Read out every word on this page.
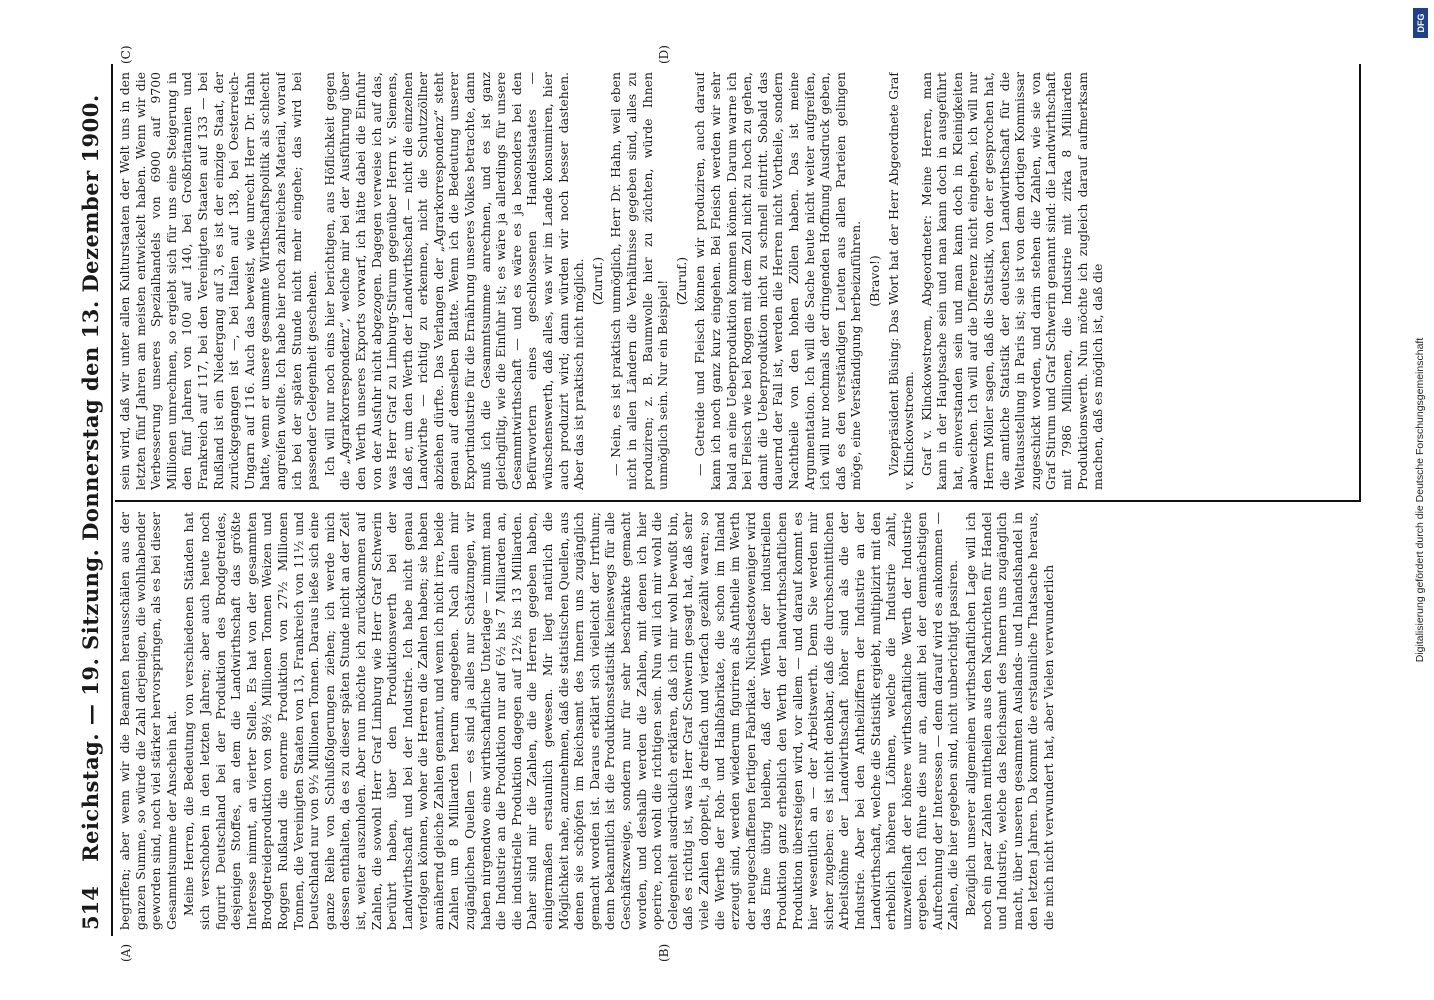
514
Reichstag. — 19. Sitzung. Donnerstag den 13. Dezember 1900.
(A)	(B)
(C)	(D)

begriffen; aber wenn wir die Beamten herausschälen aus der ganzen Summe, so würde die Zahl derjenigen, die wohlhabender geworden sind, noch viel stärker hervorspringen, als es bei dieser Gesammtsumme der Anschein hat. Meine Herren, die Bedeutung von verschiedenen Ständen hat sich verschoben in den letzten Jahren; aber auch heute noch figurirt Deutschland bei der Produktion des Brodgetreides, desjenigen Stoffes, an dem die Landwirthschaft das größte Interesse nimmt, an vierter Stelle. Es hat von der gesammten Brodgetreideproduktion von 98½ Millionen Tonnen Weizen und Roggen Rußland die enorme Produktion von 27½ Millionen Tonnen, die Vereinigten Staaten von 13, Frankreich von 11½ und Deutschland nur von 9½ Millionen Tonnen. Daraus ließe sich eine ganze Reihe von Schlußfolgerungen ziehen; ich werde mich dessen enthalten, da es zu dieser späten Stunde nicht an der Zeit ist, weiter auszuholen. Aber nun möchte ich zurückkommen auf Zahlen, die sowohl Herr Graf Limburg wie Herr Graf Schwerin berührt haben, über den Produktionswerth bei der Landwirthschaft und bei der Industrie. Ich habe nicht genau verfolgen können, woher die Herren die Zahlen haben; sie haben annähernd gleiche Zahlen genannt, und wenn ich nicht irre, beide Zahlen um 8 Milliarden herum angegeben. Nach allen mir zugänglichen Quellen — es sind ja alles nur Schätzungen, wir haben nirgendwo eine wirthschaftliche Unterlage — nimmt man die Industrie an die Produktion nur auf 6½ bis 7 Milliarden an, die industrielle Produktion dagegen auf 12½ bis 13 Milliarden. Daher sind mir die Zahlen, die die Herren gegeben haben, einigermaßen erstaunlich gewesen. Mir liegt natürlich die Möglichkeit nahe, anzunehmen, daß die statistischen Quellen, aus denen sie schöpfen im Reichsamt des Innern uns zugänglich gemacht worden ist. Daraus erklärt sich vielleicht der Irrthum; denn bekanntlich ist die Produktionsstatistik keineswegs für alle Geschäftszweige, sondern nur für sehr beschränkte gemacht worden, und deshalb werden die Zahlen, mit denen ich hier operire, noch wohl die richtigen sein. Nun will ich mir wohl die Gelegenheit ausdrücklich erklären, daß ich mir wohl bewußt bin, daß es richtig ist, was Herr Graf Schwerin gesagt hat, daß sehr viele Zahlen doppelt, ja dreifach und vierfach gezählt waren; so die Werthe der Roh- und Halbfabrikate, die schon im Inland erzeugt sind, werden wiederum figuriren als Antheile im Werth der neugeschaffenen fertigen Fabrikate. Nichtsdestoweniger wird das Eine übrig bleiben, daß der Werth der industriellen Produktion ganz erheblich den Werth der landwirthschaftlichen Produktion übersteigen wird, vor allem — und darauf kommt es hier wesentlich an — der Arbeitswerth. Denn Sie werden mir sicher zugeben: es ist nicht denkbar, daß die durchschnittlichen Arbeitslöhne der Landwirthschaft höher sind als die der Industrie. Aber bei den Antheilziffern der Industrie an der Landwirthschaft, welche die Statistik ergiebt, multiplizirt mit den erheblich höheren Löhnen, welche die Industrie zahlt, unzweifelhaft der höhere wirthschaftliche Werth der Industrie ergeben. Ich führe dies nur an, damit bei der demnächstigen Aufrechnung der Interessen — denn darauf wird es ankommen — Zahlen, die hier gegeben sind, nicht unberichtigt passiren. Bezüglich unserer allgemeinen wirthschaftlichen Lage will ich noch ein paar Zahlen mittheilen aus den Nachrichten für Handel und Industrie, welche das Reichsamt des Innern uns zugänglich macht, über unseren gesammten Auslands- und Inlandshandel in den letzten Jahren. Da kommt die erstaunliche Thatsache heraus, die mich nicht verwundert hat, aber Vielen verwunderlich

sein wird, daß wir unter allen Kulturstaaten der Welt uns in den letzten fünf Jahren am meisten entwickelt haben. Wenn wir die Verbesserung unseres Spezialhandels von 6900 auf 9700 Millionen umrechnen, so ergiebt sich für uns eine Steigerung in den fünf Jahren von 100 auf 140, bei Großbritannien und Frankreich auf 117, bei den Vereinigten Staaten auf 133 — bei Rußland ist ein Niedergang auf 3, es ist der einzige Staat, der zurückgegangen ist —, bei Italien auf 138, bei Oesterreich-Ungarn auf 116. Auch das beweist, wie unrecht Herr Dr. Hahn hatte, wenn er unsere gesammte Wirthschaftspolitik als schlecht angreifen wollte. Ich habe hier noch zahlreiches Material, worauf ich bei der späten Stunde nicht mehr eingehe; das wird bei passender Gelegenheit geschehen. Ich will nur noch eins hier berichtigen, aus Höflichkeit gegen die „Agrarkorrespondenz“, welche mir bei der Ausführung über den Werth unseres Exports vorwarf, ich hätte dabei die Einfuhr von der Ausfuhr nicht abgezogen. Dagegen verweise ich auf das, was Herr Graf zu Limburg-Stirum gegenüber Herrn v. Siemens, daß er, um den Werth der Landwirthschaft — nicht die einzelnen Landwirthe — richtig zu erkennen, nicht die Schutzzöllner abziehen dürfte. Das Verlangen der „Agrarkorrespondenz“ steht genau auf demselben Blatte. Wenn ich die Bedeutung unserer Exportindustrie für die Ernährung unseres Volkes betrachte, dann muß ich die Gesammtsumme anrechnen, und es ist ganz gleichgiltig, wie die Einfuhr ist; es wäre ja allerdings für unsere Gesammtwirthschaft — und es wäre es ja besonders bei den Befürwortern eines geschlossenen Handelsstaates — wünschenswerth, daß alles, was wir im Lande konsumiren, hier auch produzirt wird; dann würden wir noch besser dastehen. Aber das ist praktisch nicht möglich. (Zuruf.) — Nein, es ist praktisch unmöglich, Herr Dr. Hahn, weil eben nicht in allen Ländern die Verhältnisse gegeben sind, alles zu produziren; z. B. Baumwolle hier zu züchten, würde Ihnen unmöglich sein. Nur ein Beispiel! (Zuruf.) — Getreide und Fleisch können wir produziren, auch darauf kann ich noch ganz kurz eingehen. Bei Fleisch werden wir sehr bald an eine Ueberproduktion kommen können. Darum warne ich bei Fleisch wie bei Roggen mit dem Zoll nicht zu hoch zu gehen, damit die Ueberproduktion nicht zu schnell eintritt. Sobald das dauernd der Fall ist, werden die Herren nicht Vortheile, sondern Nachtheile von den hohen Zöllen haben. Das ist meine Argumentation. Ich will die Sache heute nicht weiter aufgreifen, ich will nur nochmals der dringenden Hoffnung Ausdruck geben, daß es den verständigen Leuten aus allen Parteien gelingen möge, eine Verständigung herbeizuführen. (Bravo!) Vizepräsident Büsing: Das Wort hat der Herr Abgeordnete Graf v. Klinckowstroem. Graf v. Klinckowstroem, Abgeordneter: Meine Herren, man kann in der Hauptsache sein und man kann doch in ausgeführt hat, einverstanden sein und man kann doch in Kleinigkeiten abweichen. Ich will auf die Differenz nicht eingehen, ich will nur Herrn Möller sagen, daß die Statistik, von der er gesprochen hat, die amtliche Statistik der deutschen Landwirthschaft für die Weltausstellung in Paris ist; sie ist von dem dortigen Kommissar zugeschickt worden, und darin stehen die Zahlen, wie sie von Graf Stirum und Graf Schwerin genannt sind: die Landwirthschaft mit 7986 Millionen, die Industrie mit zirka 8 Milliarden Produktionswerth. Nun möchte ich zugleich darauf aufmerksam machen, daß es möglich ist, daß die	Digitalisierung gefördert durch die Deutsche Forschungsgemeinschaft
DFG
